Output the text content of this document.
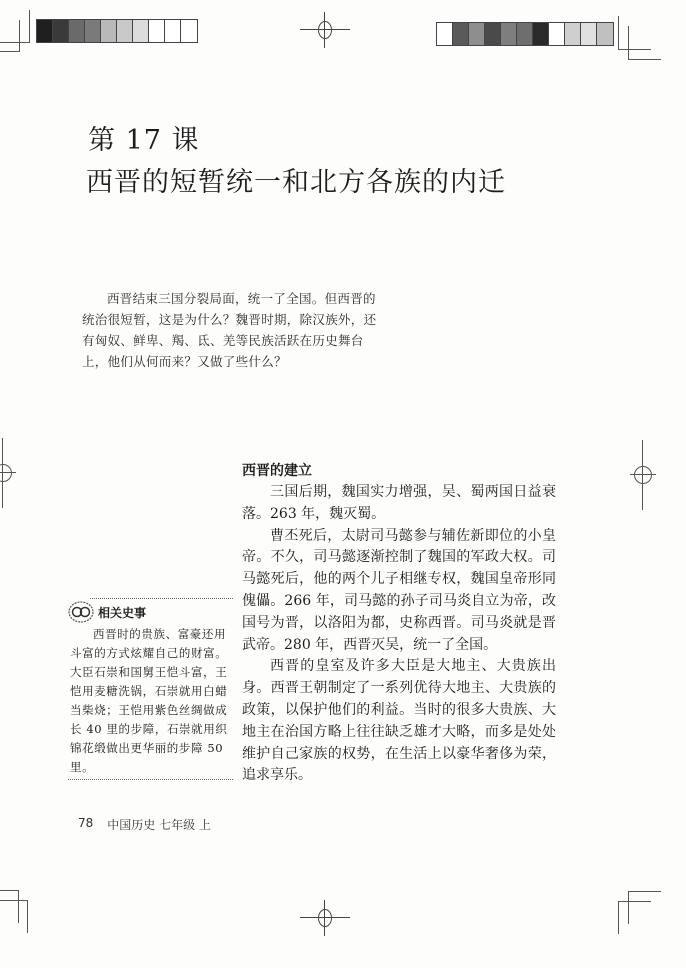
第 17 课
西晋的短暂统一和北方各族的内迁
西晋结束三国分裂局面，统一了全国。但西晋的统治很短暂，这是为什么？魏晋时期，除汉族外，还有匈奴、鲜卑、羯、氐、羌等民族活跃在历史舞台上，他们从何而来？又做了些什么？
西晋的建立

三国后期，魏国实力增强，吴、蜀两国日益衰落。263 年，魏灭蜀。

曹丕死后，太尉司马懿参与辅佐新即位的小皇帝。不久，司马懿逐渐控制了魏国的军政大权。司马懿死后，他的两个儿子相继专权，魏国皇帝形同傀儡。266 年，司马懿的孙子司马炎自立为帝，改国号为晋，以洛阳为都，史称西晋。司马炎就是晋武帝。280 年，西晋灭吴，统一了全国。

西晋的皇室及许多大臣是大地主、大贵族出身。西晋王朝制定了一系列优待大地主、大贵族的政策，以保护他们的利益。当时的很多大贵族、大地主在治国方略上往往缺乏雄才大略，而多是处处维护自己家族的权势，在生活上以豪华奢侈为荣，追求享乐。

相关史事
西晋时的贵族、富豪还用斗富的方式炫耀自己的财富。大臣石崇和国舅王恺斗富，王恺用麦糖洗锅，石崇就用白蜡当柴烧；王恺用紫色丝绸做成长 40 里的步障，石崇就用织锦花缎做出更华丽的步障 50 里。
78 中国历史 七年级 上
